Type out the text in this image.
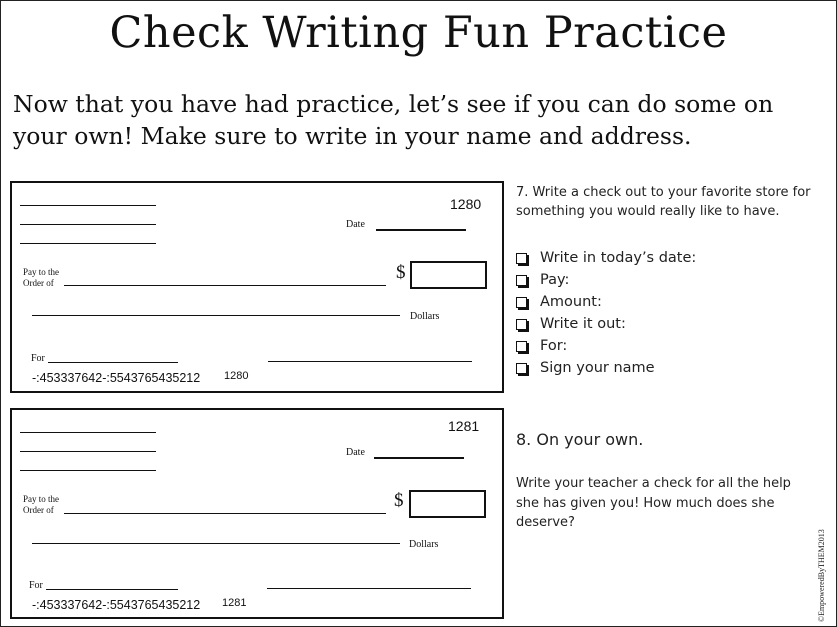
Check Writing Fun Practice
Now that you have had practice, let’s see if you can do some on your own! Make sure to write in your name and address.
1280
Date
Pay to the
Order of	$
Dollars
For
-:453337642-:5543765435212 1280
1281
Date
Pay to the
Order of	$
Dollars
For
-:453337642-:5543765435212 1281
7. Write a check out to your favorite store for something you would really like to have.
Write in today’s date:
Pay:
Amount:
Write it out:
For:
Sign your name
8. On your own.
Write your teacher a check for all the help she has given you! How much does she deserve?
©EmpoweredByTHEM2013
